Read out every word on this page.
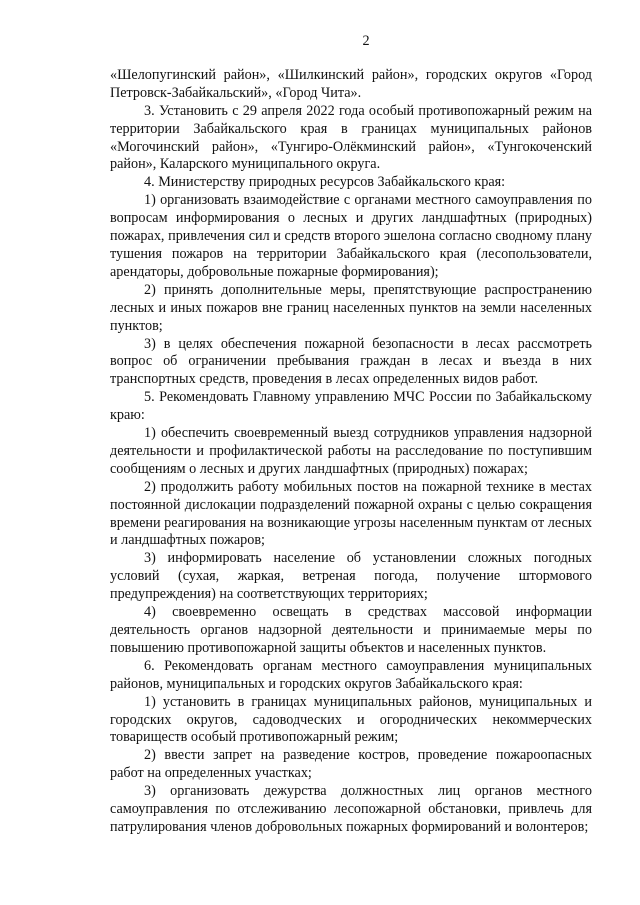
2

«Шелопугинский район», «Шилкинский район», городских округов «Город Петровск-Забайкальский», «Город Чита».

3. Установить с 29 апреля 2022 года особый противопожарный режим на территории Забайкальского края в границах муниципальных районов «Могочинский район», «Тунгиро-Олёкминский район», «Тунгокоченский район», Каларского муниципального округа.

4. Министерству природных ресурсов Забайкальского края:

1) организовать взаимодействие с органами местного самоуправления по вопросам информирования о лесных и других ландшафтных (природных) пожарах, привлечения сил и средств второго эшелона согласно сводному плану тушения пожаров на территории Забайкальского края (лесопользователи, арендаторы, добровольные пожарные формирования);

2) принять дополнительные меры, препятствующие распространению лесных и иных пожаров вне границ населенных пунктов на земли населенных пунктов;

3) в целях обеспечения пожарной безопасности в лесах рассмотреть вопрос об ограничении пребывания граждан в лесах и въезда в них транспортных средств, проведения в лесах определенных видов работ.

5. Рекомендовать Главному управлению МЧС России по Забайкальскому краю:

1) обеспечить своевременный выезд сотрудников управления надзорной деятельности и профилактической работы на расследование по поступившим сообщениям о лесных и других ландшафтных (природных) пожарах;

2) продолжить работу мобильных постов на пожарной технике в местах постоянной дислокации подразделений пожарной охраны с целью сокращения времени реагирования на возникающие угрозы населенным пунктам от лесных и ландшафтных пожаров;

3) информировать население об установлении сложных погодных условий (сухая, жаркая, ветреная погода, получение штормового предупреждения) на соответствующих территориях;

4) своевременно освещать в средствах массовой информации деятельность органов надзорной деятельности и принимаемые меры по повышению противопожарной защиты объектов и населенных пунктов.

6. Рекомендовать органам местного самоуправления муниципальных районов, муниципальных и городских округов Забайкальского края:

1) установить в границах муниципальных районов, муниципальных и городских округов, садоводческих и огороднических некоммерческих товариществ особый противопожарный режим;

2) ввести запрет на разведение костров, проведение пожароопасных работ на определенных участках;

3) организовать дежурства должностных лиц органов местного самоуправления по отслеживанию лесопожарной обстановки, привлечь для патрулирования членов добровольных пожарных формирований и волонтеров;
